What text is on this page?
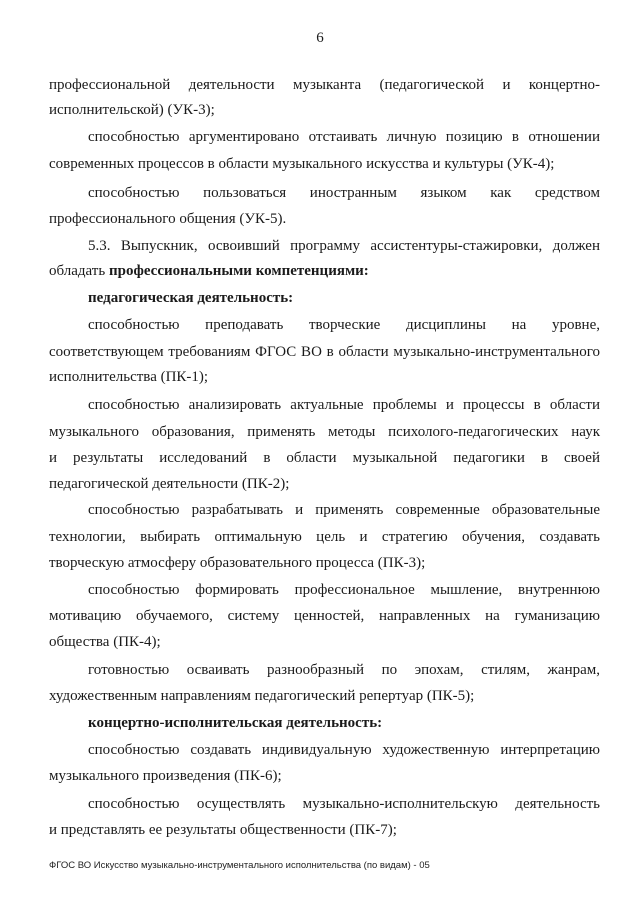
6
профессиональной деятельности музыканта (педагогической и концертно-
исполнительской) (УК-3);
способностью аргументировано отстаивать личную позицию в отношении
современных процессов в области музыкального искусства и культуры (УК-4);
способностью пользоваться иностранным языком как средством
профессионального общения (УК-5).
5.3. Выпускник, освоивший программу ассистентуры-стажировки, должен
обладать профессиональными компетенциями:
педагогическая деятельность:
способностью преподавать творческие дисциплины на уровне,
соответствующем требованиям ФГОС ВО в области музыкально-инструментального
исполнительства (ПК-1);
способностью анализировать актуальные проблемы и процессы в области
музыкального образования, применять методы психолого-педагогических наук
и результаты исследований в области музыкальной педагогики в своей
педагогической деятельности (ПК-2);
способностью разрабатывать и применять современные образовательные
технологии, выбирать оптимальную цель и стратегию обучения, создавать
творческую атмосферу образовательного процесса (ПК-3);
способностью формировать профессиональное мышление, внутреннюю
мотивацию обучаемого, систему ценностей, направленных на гуманизацию
общества (ПК-4);
готовностью осваивать разнообразный по эпохам, стилям, жанрам,
художественным направлениям педагогический репертуар (ПК-5);
концертно-исполнительская деятельность:
способностью создавать индивидуальную художественную интерпретацию
музыкального произведения (ПК-6);
способностью осуществлять музыкально-исполнительскую деятельность
и представлять ее результаты общественности (ПК-7);
ФГОС ВО Искусство музыкально-инструментального исполнительства (по видам) - 05
